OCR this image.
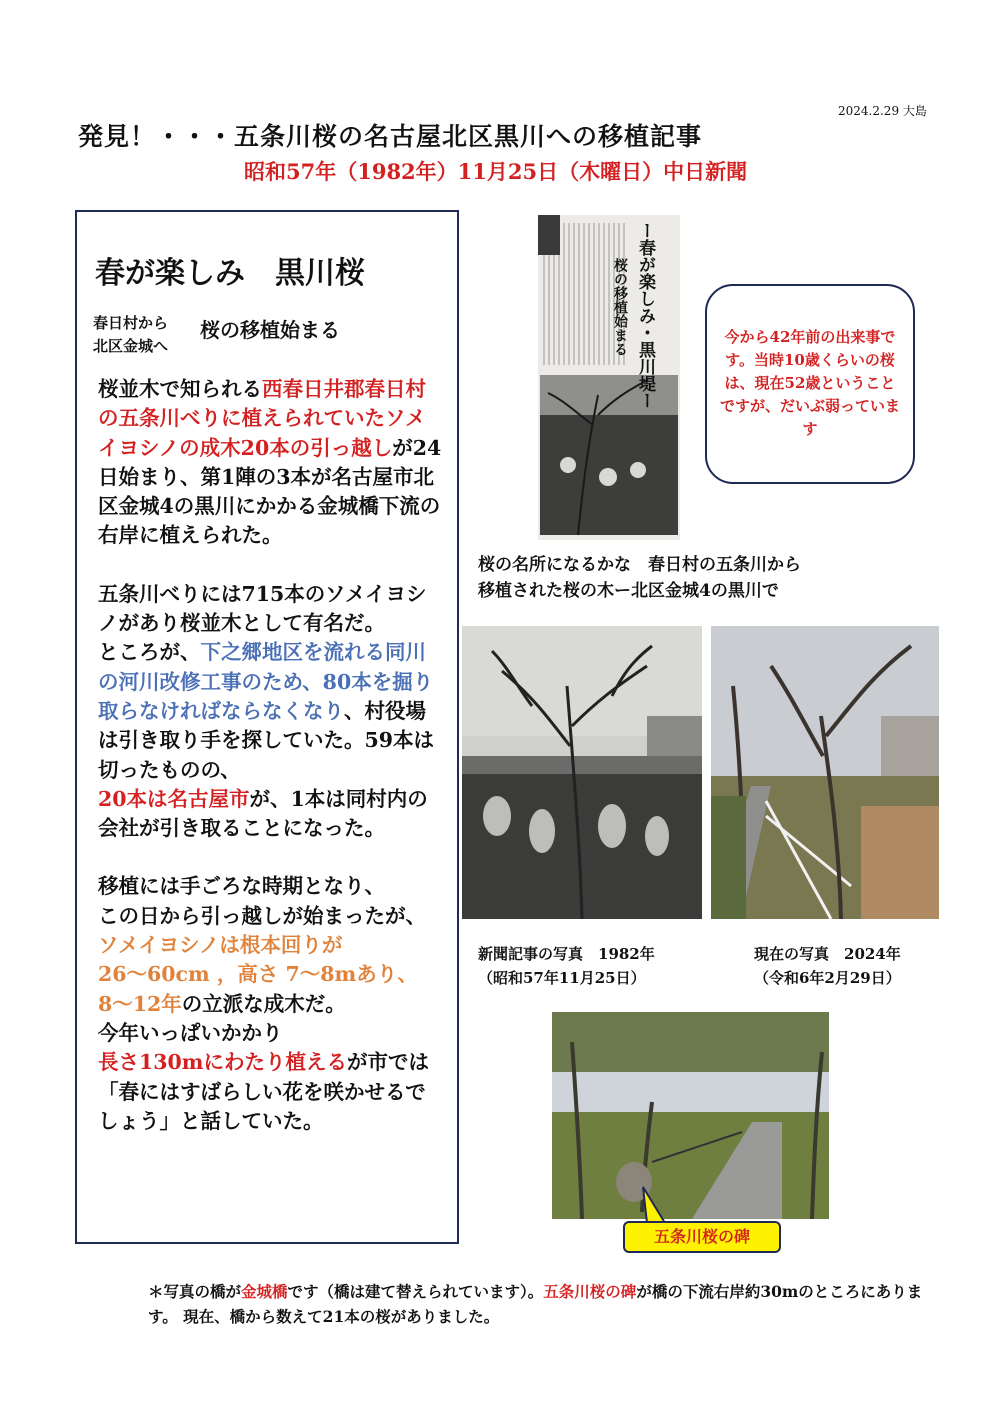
2024.2.29 大島
発見！・・・五条川桜の名古屋北区黒川への移植記事
昭和57年（1982年）11月25日（木曜日）中日新聞
春が楽しみ　黒川桜
春日村から
北区金城へ
桜の移植始まる

桜並木で知られる西春日井郡春日村の五条川べりに植えられていたソメイヨシノの成木20本の引っ越しが24日始まり、第1陣の3本が名古屋市北区金城4の黒川にかかる金城橋下流の右岸に植えられた。

五条川べりには715本のソメイヨシノがあり桜並木として有名だ。
ところが、下之郷地区を流れる同川の河川改修工事のため、80本を掘り取らなければならなくなり、村役場は引き取り手を探していた。59本は切ったものの、
20本は名古屋市が、1本は同村内の会社が引き取ることになった。

移植には手ごろな時期となり、
この日から引っ越しが始まったが、
ソメイヨシノは根本回りが
26～60cm ，高さ 7～8mあり、
8～12年の立派な成木だ。
今年いっぱいかかり
長さ130mにわたり植えるが市では「春にはすばらしい花を咲かせるでしょう」と話していた。

ー春が楽しみ・黒川堤ー
桜の移植始まる	今から42年前の出来事です。当時10歳くらいの桜は、現在52歳ということですが、だいぶ弱っています
桜の名所になるかな　春日村の五条川から
移植された桜の木ー北区金城4の黒川で
新聞記事の写真　1982年
（昭和57年11月25日）
現在の写真　2024年
（令和6年2月29日）
五条川桜の碑
＊写真の橋が金城橋です（橋は建て替えられています）。五条川桜の碑が橋の下流右岸約30mのところにあります。 現在、橋から数えて21本の桜がありました。
